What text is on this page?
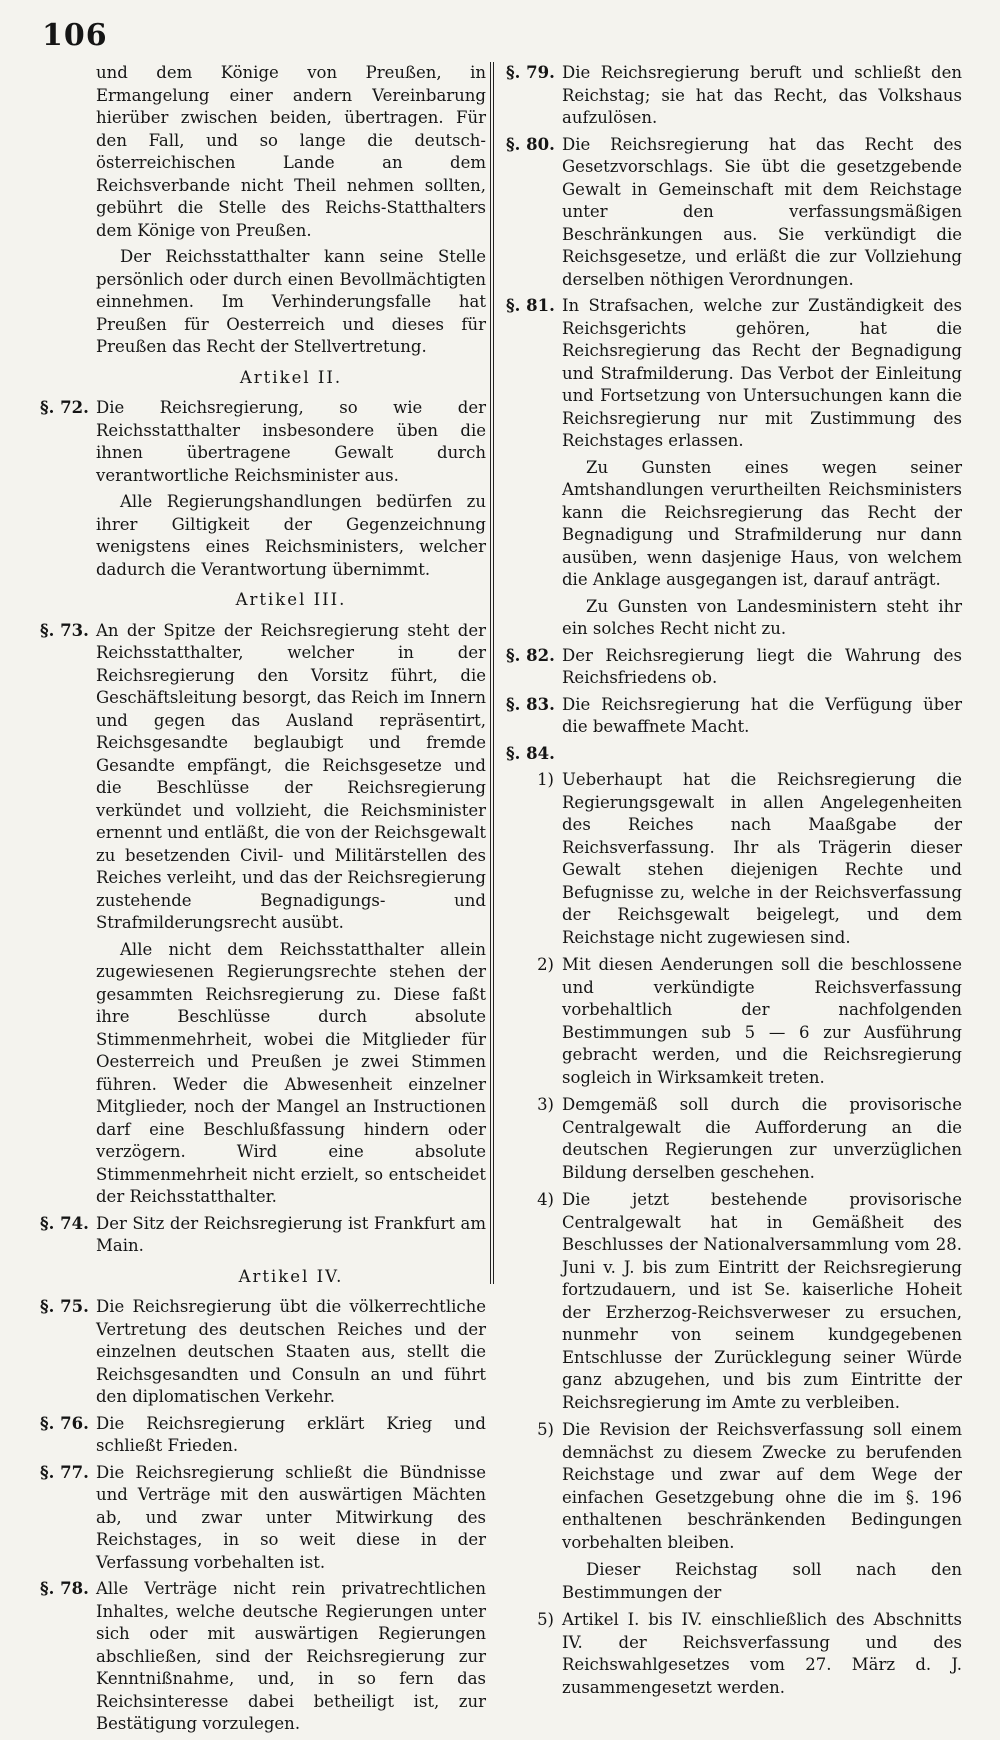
106

und dem Könige von Preußen, in Ermangelung einer andern Vereinbarung hierüber zwischen beiden, übertragen. Für den Fall, und so lange die deutsch-österreichischen Lande an dem Reichsverbande nicht Theil nehmen sollten, gebührt die Stelle des Reichs-Statthalters dem Könige von Preußen.

Der Reichsstatthalter kann seine Stelle persönlich oder durch einen Bevollmächtigten einnehmen. Im Verhinderungsfalle hat Preußen für Oesterreich und dieses für Preußen das Recht der Stellvertretung.

Artikel II.
§. 72. Die Reichsregierung, so wie der Reichsstatthalter insbesondere üben die ihnen übertragene Gewalt durch verantwortliche Reichsminister aus.

Alle Regierungshandlungen bedürfen zu ihrer Giltigkeit der Gegenzeichnung wenigstens eines Reichsministers, welcher dadurch die Verantwortung übernimmt.

Artikel III.
§. 73. An der Spitze der Reichsregierung steht der Reichsstatthalter, welcher in der Reichsregierung den Vorsitz führt, die Geschäftsleitung besorgt, das Reich im Innern und gegen das Ausland repräsentirt, Reichsgesandte beglaubigt und fremde Gesandte empfängt, die Reichsgesetze und die Beschlüsse der Reichsregierung verkündet und vollzieht, die Reichsminister ernennt und entläßt, die von der Reichsgewalt zu besetzenden Civil- und Militärstellen des Reiches verleiht, und das der Reichsregierung zustehende Begnadigungs- und Strafmilderungsrecht ausübt.

Alle nicht dem Reichsstatthalter allein zugewiesenen Regierungsrechte stehen der gesammten Reichsregierung zu. Diese faßt ihre Beschlüsse durch absolute Stimmenmehrheit, wobei die Mitglieder für Oesterreich und Preußen je zwei Stimmen führen. Weder die Abwesenheit einzelner Mitglieder, noch der Mangel an Instructionen darf eine Beschlußfassung hindern oder verzögern. Wird eine absolute Stimmenmehrheit nicht erzielt, so entscheidet der Reichsstatthalter.

§. 74. Der Sitz der Reichsregierung ist Frankfurt am Main.
Artikel IV.
§. 75. Die Reichsregierung übt die völkerrechtliche Vertretung des deutschen Reiches und der einzelnen deutschen Staaten aus, stellt die Reichsgesandten und Consuln an und führt den diplomatischen Verkehr.
§. 76. Die Reichsregierung erklärt Krieg und schließt Frieden.
§. 77. Die Reichsregierung schließt die Bündnisse und Verträge mit den auswärtigen Mächten ab, und zwar unter Mitwirkung des Reichstages, in so weit diese in der Verfassung vorbehalten ist.
§. 78. Alle Verträge nicht rein privatrechtlichen Inhaltes, welche deutsche Regierungen unter sich oder mit auswärtigen Regierungen abschließen, sind der Reichsregierung zur Kenntnißnahme, und, in so fern das Reichsinteresse dabei betheiligt ist, zur Bestätigung vorzulegen.
§. 79. Die Reichsregierung beruft und schließt den Reichstag; sie hat das Recht, das Volkshaus aufzulösen.
§. 80. Die Reichsregierung hat das Recht des Gesetzvorschlags. Sie übt die gesetzgebende Gewalt in Gemeinschaft mit dem Reichstage unter den verfassungsmäßigen Beschränkungen aus. Sie verkündigt die Reichsgesetze, und erläßt die zur Vollziehung derselben nöthigen Verordnungen.
§. 81. In Strafsachen, welche zur Zuständigkeit des Reichsgerichts gehören, hat die Reichsregierung das Recht der Begnadigung und Strafmilderung. Das Verbot der Einleitung und Fortsetzung von Untersuchungen kann die Reichsregierung nur mit Zustimmung des Reichstages erlassen.

Zu Gunsten eines wegen seiner Amtshandlungen verurtheilten Reichsministers kann die Reichsregierung das Recht der Begnadigung und Strafmilderung nur dann ausüben, wenn dasjenige Haus, von welchem die Anklage ausgegangen ist, darauf anträgt.

Zu Gunsten von Landesministern steht ihr ein solches Recht nicht zu.

§. 82. Der Reichsregierung liegt die Wahrung des Reichsfriedens ob.
§. 83. Die Reichsregierung hat die Verfügung über die bewaffnete Macht.
§. 84.
1) Ueberhaupt hat die Reichsregierung die Regierungsgewalt in allen Angelegenheiten des Reiches nach Maaßgabe der Reichsverfassung. Ihr als Trägerin dieser Gewalt stehen diejenigen Rechte und Befugnisse zu, welche in der Reichsverfassung der Reichsgewalt beigelegt, und dem Reichstage nicht zugewiesen sind.
2) Mit diesen Aenderungen soll die beschlossene und verkündigte Reichsverfassung vorbehaltlich der nachfolgenden Bestimmungen sub 5 — 6 zur Ausführung gebracht werden, und die Reichsregierung sogleich in Wirksamkeit treten.
3) Demgemäß soll durch die provisorische Centralgewalt die Aufforderung an die deutschen Regierungen zur unverzüglichen Bildung derselben geschehen.
4) Die jetzt bestehende provisorische Centralgewalt hat in Gemäßheit des Beschlusses der Nationalversammlung vom 28. Juni v. J. bis zum Eintritt der Reichsregierung fortzudauern, und ist Se. kaiserliche Hoheit der Erzherzog-Reichsverweser zu ersuchen, nunmehr von seinem kundgegebenen Entschlusse der Zurücklegung seiner Würde ganz abzugehen, und bis zum Eintritte der Reichsregierung im Amte zu verbleiben.
5) Die Revision der Reichsverfassung soll einem demnächst zu diesem Zwecke zu berufenden Reichstage und zwar auf dem Wege der einfachen Gesetzgebung ohne die im §. 196 enthaltenen beschränkenden Bedingungen vorbehalten bleiben.

Dieser Reichstag soll nach den Bestimmungen der

5) Artikel I. bis IV. einschließlich des Abschnitts IV. der Reichsverfassung und des Reichswahlgesetzes vom 27. März d. J. zusammengesetzt werden.
